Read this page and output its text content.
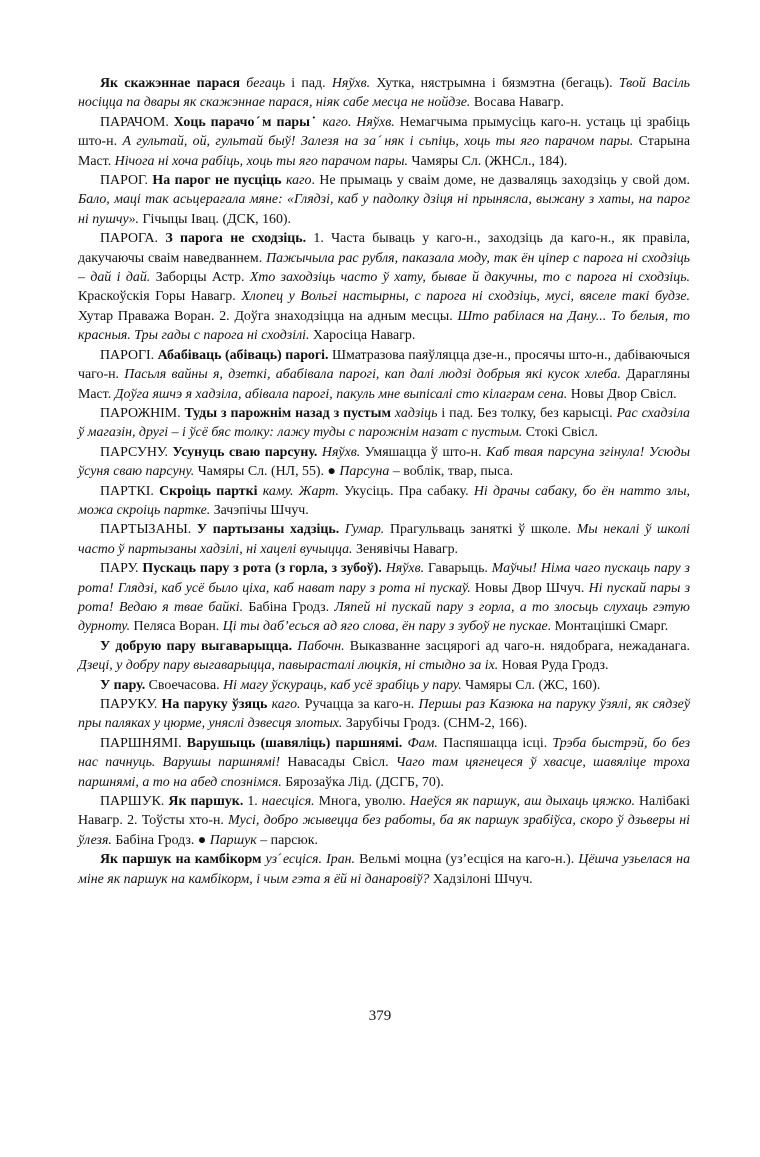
Як скажэннае парася бегаць і пад. Няўхв. Хутка, нястрымна і бязмэтна (бегаць). Твой Васіль носіцца па двары як скажэннае парася, ніяк сабе месца не нойдзе. Восава Навагр.

ПАРАЧОМ. Хоць парачоˊм пары˙ каго. Няўхв. Немагчыма прымусіць каго-н. устаць ці зрабіць што-н. А гультай, ой, гультай быў! Залезя на заˊняк і сьпіць, хоць ты яго парачом пары. Старына Маст. Нічога ні хоча рабіць, хоць ты яго парачом пары. Чамяры Сл. (ЖНСл., 184).

ПАРОГ. На парог не пусціць каго. Не прымаць у сваім доме, не дазваляць заходзіць у свой дом. Бало, маці так асьцерагала мяне: «Глядзі, каб у падолку дзіця ні прынясла, выжану з хаты, на парог ні пушчу». Гічыцы Івац. (ДСК, 160).

ПАРОГА. З парога не сходзіць. 1. Часта бываць у каго-н., заходзіць да каго-н., як правіла, дакучаючы сваім наведваннем. Пажычыла рас рубля, паказала моду, так ён ціпер с парога ні сходзіць – дай і дай. Заборцы Астр. Хто заходзіць часто ў хату, бывае й дакучны, то с парога ні сходзіць. Краскоўскія Горы Навагр. Хлопец у Вольгі настырны, с парога ні сходзіць, мусі, вяселе такі будзе. Хутар Праважа Воран. 2. Доўга знаходзіцца на адным месцы. Што рабілася на Дану... То белыя, то красныя. Тры гады с парога ні сходзілі. Харосіца Навагр.

ПАРОГІ. Абабіваць (абіваць) парогі. Шматразова паяўляцца дзе-н., просячы што-н., дабіваючыся чаго-н. Пасьля вайны я, дзеткі, абабівала парогі, кап далі людзі добрыя які кусок хлеба. Дарагляны Маст. Доўга яшчэ я хадзіла, абівала парогі, пакуль мне выпісалі сто кілаграм сена. Новы Двор Свісл.

ПАРОЖНІМ. Туды з парожнім назад з пустым хадзіць і пад. Без толку, без карысці. Рас схадзіла ў магазін, другі – і ўсё бяс толку: лажу туды с парожнім назат с пустым. Стокі Свісл.

ПАРСУНУ. Усунуць сваю парсуну. Няўхв. Умяшацца ў што-н. Каб твая парсуна згінула! Усюды ўсуня сваю парсуну. Чамяры Сл. (НЛ, 55). ● Парсуна – воблік, твар, пыса.

ПАРТКІ. Скроіць парткі каму. Жарт. Укусіць. Пра сабаку. Ні драчы сабаку, бо ён натто злы, можа скроіць партке. Зачэпічы Шчуч.

ПАРТЫЗАНЫ. У партызаны хадзіць. Гумар. Прагульваць заняткі ў школе. Мы некалі ў школі часто ў партызаны хадзілі, ні хацелі вучыцца. Зенявічы Навагр.

ПАРУ. Пускаць пару з рота (з горла, з зубоў). Няўхв. Гаварыць. Маўчы! Німа чаго пускаць пару з рота! Глядзі, каб усё было ціха, каб нават пару з рота ні пускаў. Новы Двор Шчуч. Ні пускай пары з рота! Ведаю я твае байкі. Бабіна Гродз. Ляпей ні пускай пару з горла, а то злосьць слухаць гэтую дурноту. Пеляса Воран. Ці ты даб’есься ад яго слова, ён пару з зубоў не пускае. Монтацішкі Смарг.

У добрую пару выгаварыцца. Пабочн. Выказванне засцярогі ад чаго-н. нядобрага, нежаданага. Дзеці, у добру пару выгаварыцца, павырасталі люцкія, ні стыдно за іх. Новая Руда Гродз.

У пару. Своечасова. Ні магу ўскураць, каб усё зрабіць у пару. Чамяры Сл. (ЖС, 160).

ПАРУКУ. На паруку ўзяць каго. Ручацца за каго-н. Першы раз Казюка на паруку ўзялі, як сядзеў пры паляках у цюрме, уняслі дзвесця злотых. Зарубічы Гродз. (СНМ-2, 166).

ПАРШНЯМІ. Варушыць (шавяліць) паршнямі. Фам. Паспяшацца ісці. Трэба быстрэй, бо без нас пачнуць. Варушы паршнямі! Навасады Свісл. Чаго там цягнецеся ў хвасце, шавяліце троха паршнямі, а то на абед спознімся. Бярозаўка Лід. (ДСГБ, 70).

ПАРШУК. Як паршук. 1. наесціся. Многа, уволю. Наеўся як паршук, аш дыхаць цяжко. Налібакі Навагр. 2. Тоўсты хто-н. Мусі, добро жывецца без работы, ба як паршук зрабіўса, скоро ў дзьверы ні ўлезя. Бабіна Гродз. ● Паршук – парсюк.

Як паршук на камбікорм узˊесціся. Іран. Вельмі моцна (уз’есціся на каго-н.). Цёшча узьелася на міне як паршук на камбікорм, і чым гэта я ёй ні данаровіў? Хадзілоні Шчуч.

379
